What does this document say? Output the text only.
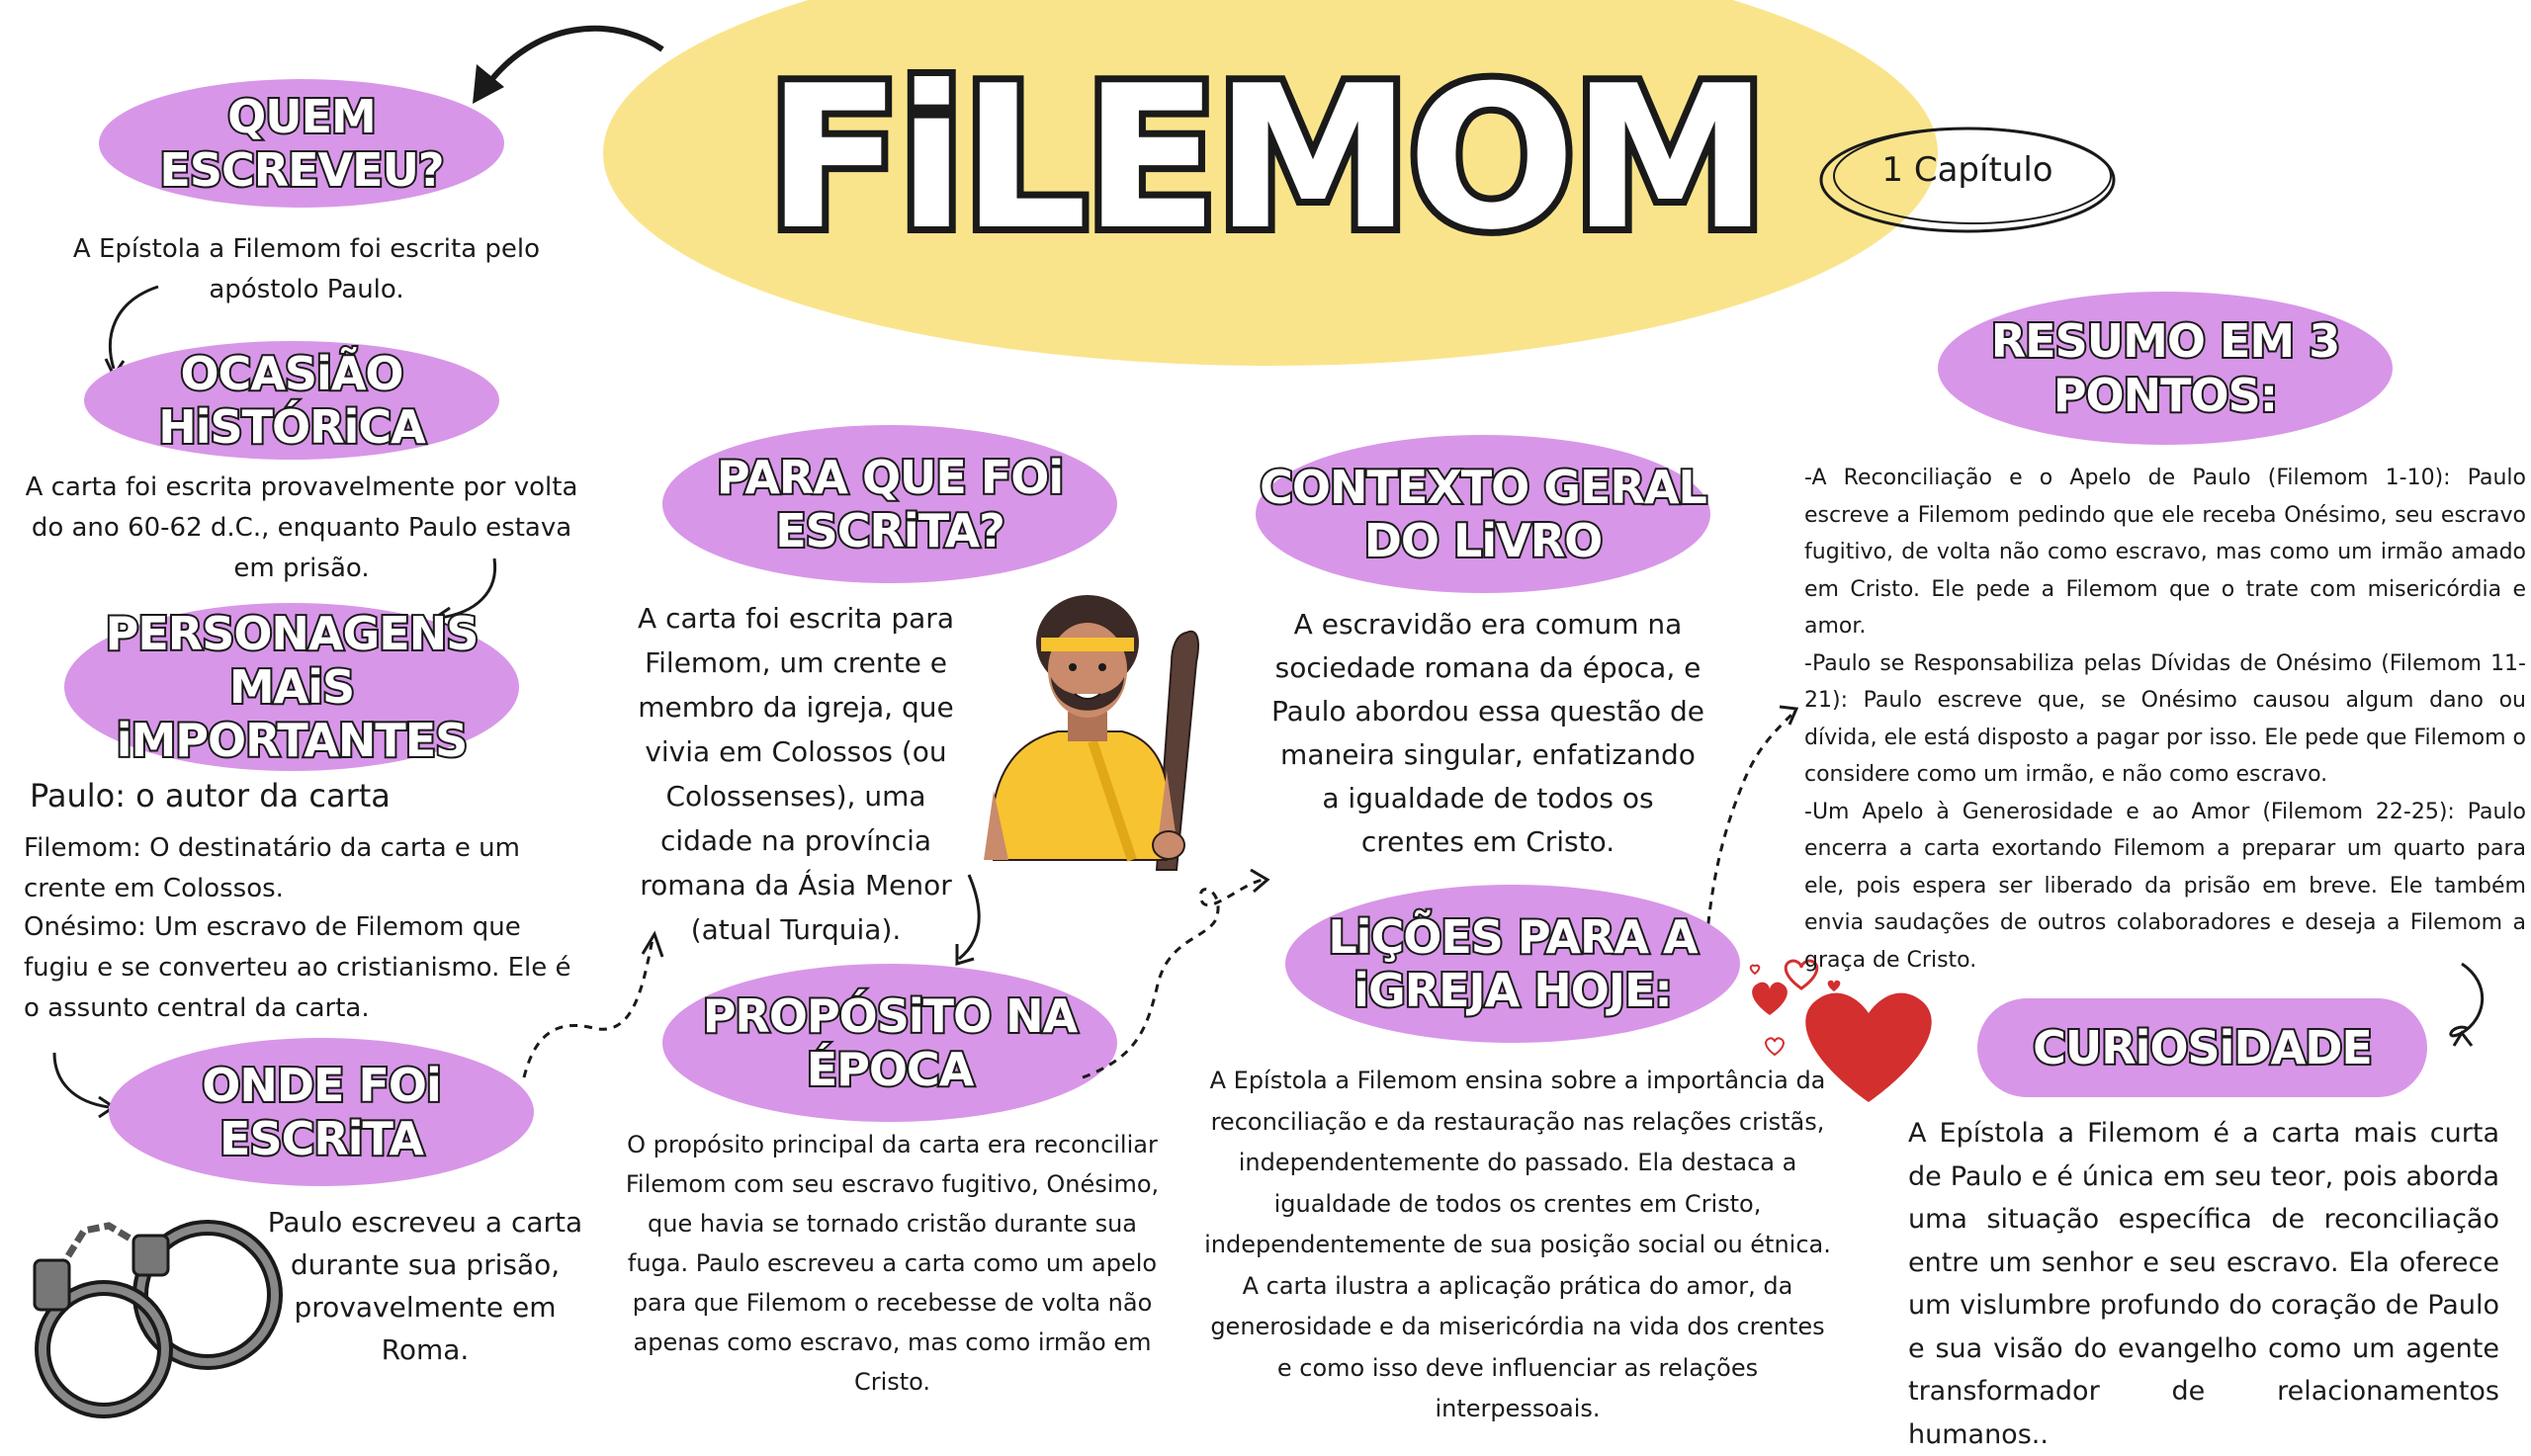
FiLEMOM	1 Capítulo
QUEM ESCREVEU?
A Epístola a Filemom foi escrita pelo apóstolo Paulo.
OCASiÃO HiSTÓRiCA
A carta foi escrita provavelmente por volta do ano 60-62 d.C., enquanto Paulo estava em prisão.
PERSONAGENS
MAiS iMPORTANTES
Paulo: o autor da carta
Filemom: O destinatário da carta e um crente em Colossos.
Onésimo: Um escravo de Filemom que fugiu e se converteu ao cristianismo. Ele é o assunto central da carta.
ONDE FOi ESCRiTA
Paulo escreveu a carta durante sua prisão, provavelmente em Roma.
PARA QUE FOi
ESCRiTA?
A carta foi escrita para Filemom, um crente e membro da igreja, que vivia em Colossos (ou Colossenses), uma cidade na província romana da Ásia Menor (atual Turquia).
PROPÓSiTO NA
ÉPOCA
O propósito principal da carta era reconciliar Filemom com seu escravo fugitivo, Onésimo, que havia se tornado cristão durante sua fuga. Paulo escreveu a carta como um apelo para que Filemom o recebesse de volta não apenas como escravo, mas como irmão em Cristo.
CONTEXTO GERAL
DO LiVRO
A escravidão era comum na sociedade romana da época, e Paulo abordou essa questão de maneira singular, enfatizando a igualdade de todos os crentes em Cristo.
LiÇÕES PARA A
iGREJA HOJE:
A Epístola a Filemom ensina sobre a importância da reconciliação e da restauração nas relações cristãs, independentemente do passado. Ela destaca a igualdade de todos os crentes em Cristo, independentemente de sua posição social ou étnica. A carta ilustra a aplicação prática do amor, da generosidade e da misericórdia na vida dos crentes e como isso deve influenciar as relações interpessoais.
RESUMO EM 3
PONTOS:

-A Reconciliação e o Apelo de Paulo (Filemom 1-10): Paulo escreve a Filemom pedindo que ele receba Onésimo, seu escravo fugitivo, de volta não como escravo, mas como um irmão amado em Cristo. Ele pede a Filemom que o trate com misericórdia e amor.

-Paulo se Responsabiliza pelas Dívidas de Onésimo (Filemom 11-21): Paulo escreve que, se Onésimo causou algum dano ou dívida, ele está disposto a pagar por isso. Ele pede que Filemom o considere como um irmão, e não como escravo.

-Um Apelo à Generosidade e ao Amor (Filemom 22-25): Paulo encerra a carta exortando Filemom a preparar um quarto para ele, pois espera ser liberado da prisão em breve. Ele também envia saudações de outros colaboradores e deseja a Filemom a graça de Cristo.

CURiOSiDADE
A Epístola a Filemom é a carta mais curta de Paulo e é única em seu teor, pois aborda uma situação específica de reconciliação entre um senhor e seu escravo. Ela oferece um vislumbre profundo do coração de Paulo e sua visão do evangelho como um agente transformador de relacionamentos humanos..
